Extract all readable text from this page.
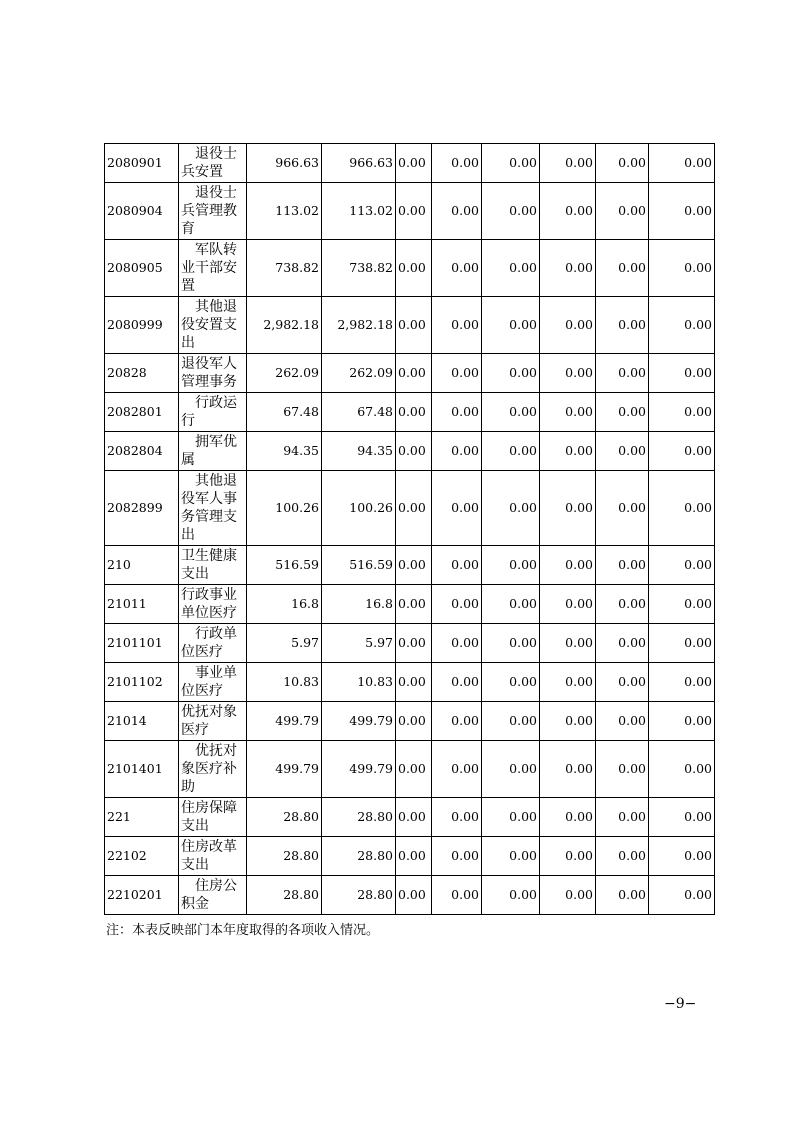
2080901	退役士兵安置	966.63	966.63	0.00	0.00	0.00	0.00	0.00	0.00
2080904	退役士兵管理教育	113.02	113.02	0.00	0.00	0.00	0.00	0.00	0.00
2080905	军队转业干部安置	738.82	738.82	0.00	0.00	0.00	0.00	0.00	0.00
2080999	其他退役安置支出	2,982.18	2,982.18	0.00	0.00	0.00	0.00	0.00	0.00
20828	退役军人管理事务	262.09	262.09	0.00	0.00	0.00	0.00	0.00	0.00
2082801	行政运行	67.48	67.48	0.00	0.00	0.00	0.00	0.00	0.00
2082804	拥军优属	94.35	94.35	0.00	0.00	0.00	0.00	0.00	0.00
2082899	其他退役军人事务管理支出	100.26	100.26	0.00	0.00	0.00	0.00	0.00	0.00
210	卫生健康支出	516.59	516.59	0.00	0.00	0.00	0.00	0.00	0.00
21011	行政事业单位医疗	16.8	16.8	0.00	0.00	0.00	0.00	0.00	0.00
2101101	行政单位医疗	5.97	5.97	0.00	0.00	0.00	0.00	0.00	0.00
2101102	事业单位医疗	10.83	10.83	0.00	0.00	0.00	0.00	0.00	0.00
21014	优抚对象医疗	499.79	499.79	0.00	0.00	0.00	0.00	0.00	0.00
2101401	优抚对象医疗补助	499.79	499.79	0.00	0.00	0.00	0.00	0.00	0.00
221	住房保障支出	28.80	28.80	0.00	0.00	0.00	0.00	0.00	0.00
22102	住房改革支出	28.80	28.80	0.00	0.00	0.00	0.00	0.00	0.00
2210201	住房公积金	28.80	28.80	0.00	0.00	0.00	0.00	0.00	0.00
注：本表反映部门本年度取得的各项收入情况。
−9−
